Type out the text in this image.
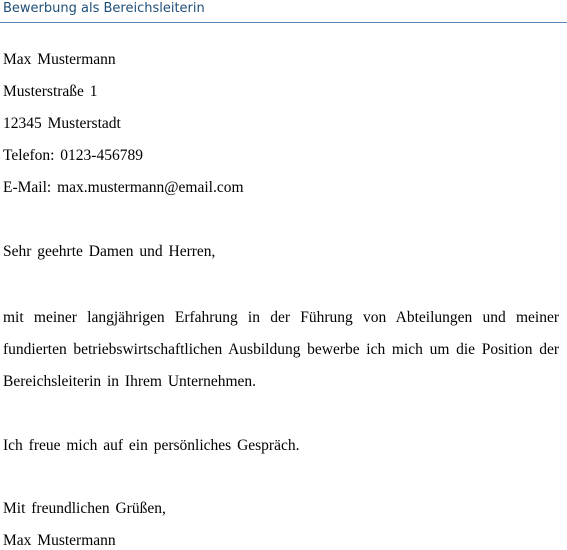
Bewerbung als Bereichsleiterin
Max Mustermann
Musterstraße 1
12345 Musterstadt
Telefon: 0123-456789
E-Mail: max.mustermann@email.com
Sehr geehrte Damen und Herren,
mit meiner langjährigen Erfahrung in der Führung von Abteilungen und meiner
fundierten betriebswirtschaftlichen Ausbildung bewerbe ich mich um die Position der
Bereichsleiterin in Ihrem Unternehmen.
Ich freue mich auf ein persönliches Gespräch.
Mit freundlichen Grüßen,
Max Mustermann
